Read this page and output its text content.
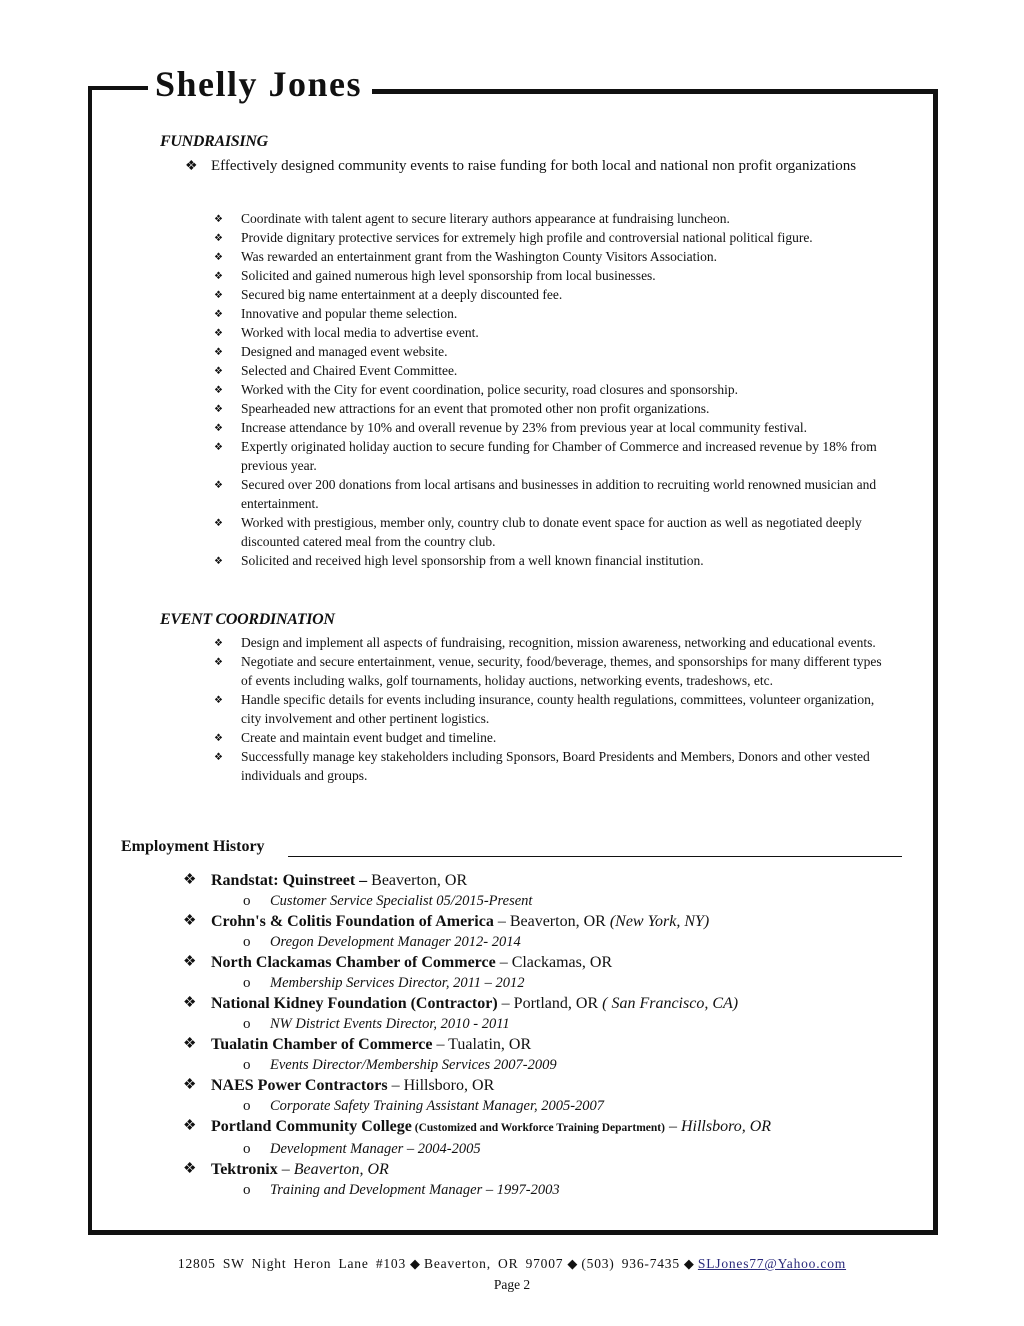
Shelly Jones
FUNDRAISING
❖ Effectively designed community events to raise funding for both local and national non profit organizations
❖ Coordinate with talent agent to secure literary authors appearance at fundraising luncheon.
❖ Provide dignitary protective services for extremely high profile and controversial national political figure.
❖ Was rewarded an entertainment grant from the Washington County Visitors Association.
❖ Solicited and gained numerous high level sponsorship from local businesses.
❖ Secured big name entertainment at a deeply discounted fee.
❖ Innovative and popular theme selection.
❖ Worked with local media to advertise event.
❖ Designed and managed event website.
❖ Selected and Chaired Event Committee.
❖ Worked with the City for event coordination, police security, road closures and sponsorship.
❖ Spearheaded new attractions for an event that promoted other non profit organizations.
❖ Increase attendance by 10% and overall revenue by 23% from previous year at local community festival.
❖ Expertly originated holiday auction to secure funding for Chamber of Commerce and increased revenue by 18% from previous year.
❖ Secured over 200 donations from local artisans and businesses in addition to recruiting world renowned musician and entertainment.
❖ Worked with prestigious, member only, country club to donate event space for auction as well as negotiated deeply discounted catered meal from the country club.
❖ Solicited and received high level sponsorship from a well known financial institution.
EVENT COORDINATION
❖ Design and implement all aspects of fundraising, recognition, mission awareness, networking and educational events.
❖ Negotiate and secure entertainment, venue, security, food/beverage, themes, and sponsorships for many different types of events including walks, golf tournaments, holiday auctions, networking events, tradeshows, etc.
❖ Handle specific details for events including insurance, county health regulations, committees, volunteer organization, city involvement and other pertinent logistics.
❖ Create and maintain event budget and timeline.
❖ Successfully manage key stakeholders including Sponsors, Board Presidents and Members, Donors and other vested individuals and groups.
Employment History
❖ Randstat: Quinstreet – Beaverton, OR
o Customer Service Specialist 05/2015-Present
❖ Crohn's & Colitis Foundation of America – Beaverton, OR (New York, NY)
o Oregon Development Manager 2012- 2014
❖ North Clackamas Chamber of Commerce – Clackamas, OR
o Membership Services Director, 2011 – 2012
❖ National Kidney Foundation (Contractor) – Portland, OR ( San Francisco, CA)
o NW District Events Director, 2010 - 2011
❖ Tualatin Chamber of Commerce – Tualatin, OR
o Events Director/Membership Services 2007-2009
❖ NAES Power Contractors – Hillsboro, OR
o Corporate Safety Training Assistant Manager, 2005-2007
❖ Portland Community College (Customized and Workforce Training Department) – Hillsboro, OR
o Development Manager – 2004-2005
❖ Tektronix – Beaverton, OR
o Training and Development Manager – 1997-2003
12805 SW Night Heron Lane #103 ◆ Beaverton, OR 97007 ◆ (503) 936-7435 ◆ SLJones77@Yahoo.com
Page 2
